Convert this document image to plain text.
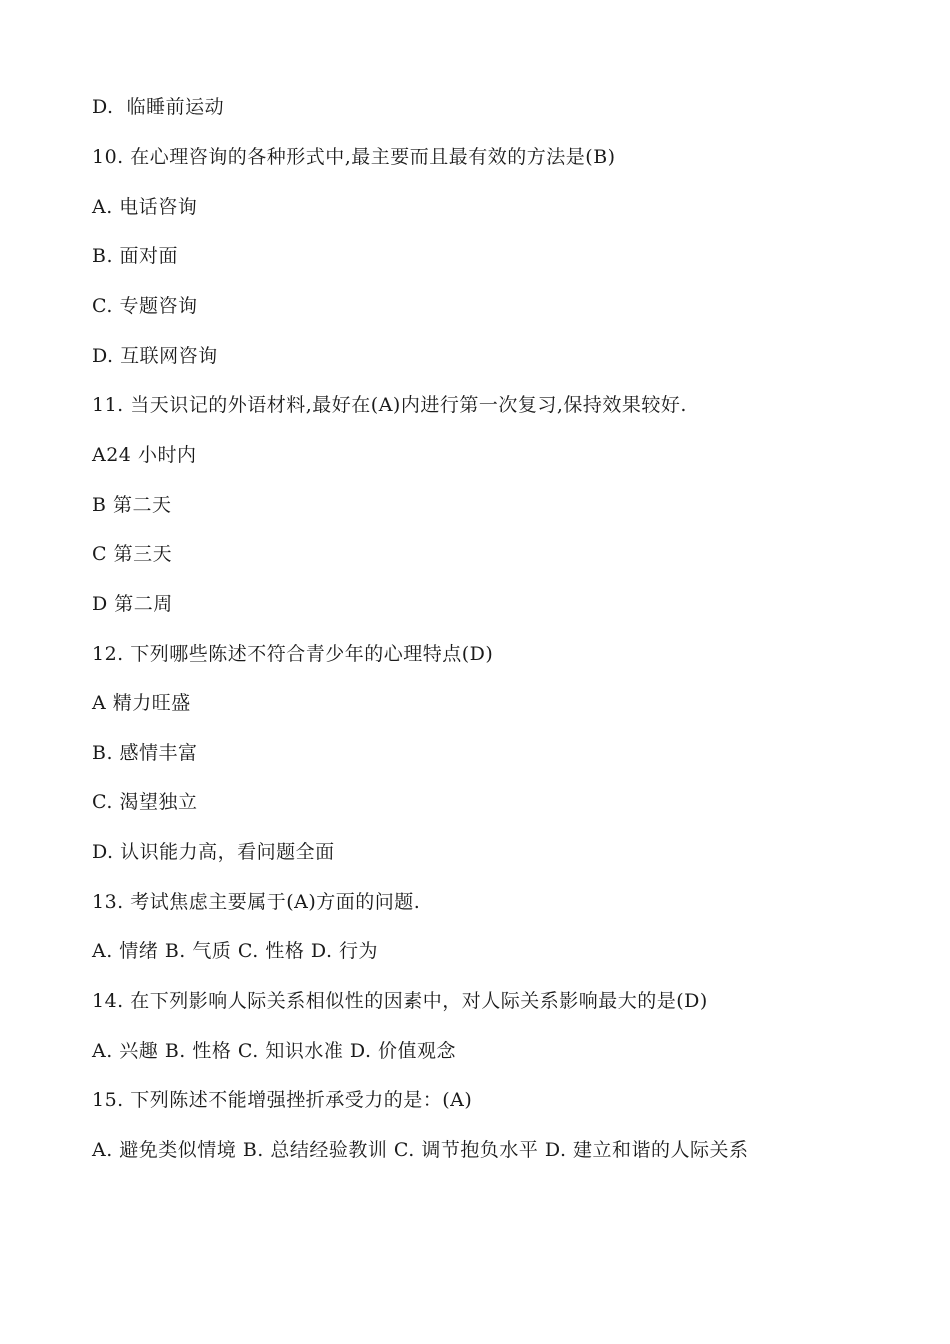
D.  临睡前运动
10. 在心理咨询的各种形式中,最主要而且最有效的方法是(B)
A. 电话咨询
B. 面对面
C. 专题咨询
D. 互联网咨询
11. 当天识记的外语材料,最好在(A)内进行第一次复习,保持效果较好.
A24 小时内
B 第二天
C 第三天
D 第二周
12. 下列哪些陈述不符合青少年的心理特点(D)
A 精力旺盛
B. 感情丰富
C. 渴望独立
D. 认识能力高，看问题全面
13. 考试焦虑主要属于(A)方面的问题.
A. 情绪 B. 气质 C. 性格 D. 行为
14. 在下列影响人际关系相似性的因素中，对人际关系影响最大的是(D)
A. 兴趣 B. 性格 C. 知识水准 D. 价值观念
15. 下列陈述不能增强挫折承受力的是：(A)
A. 避免类似情境 B. 总结经验教训 C. 调节抱负水平 D. 建立和谐的人际关系
